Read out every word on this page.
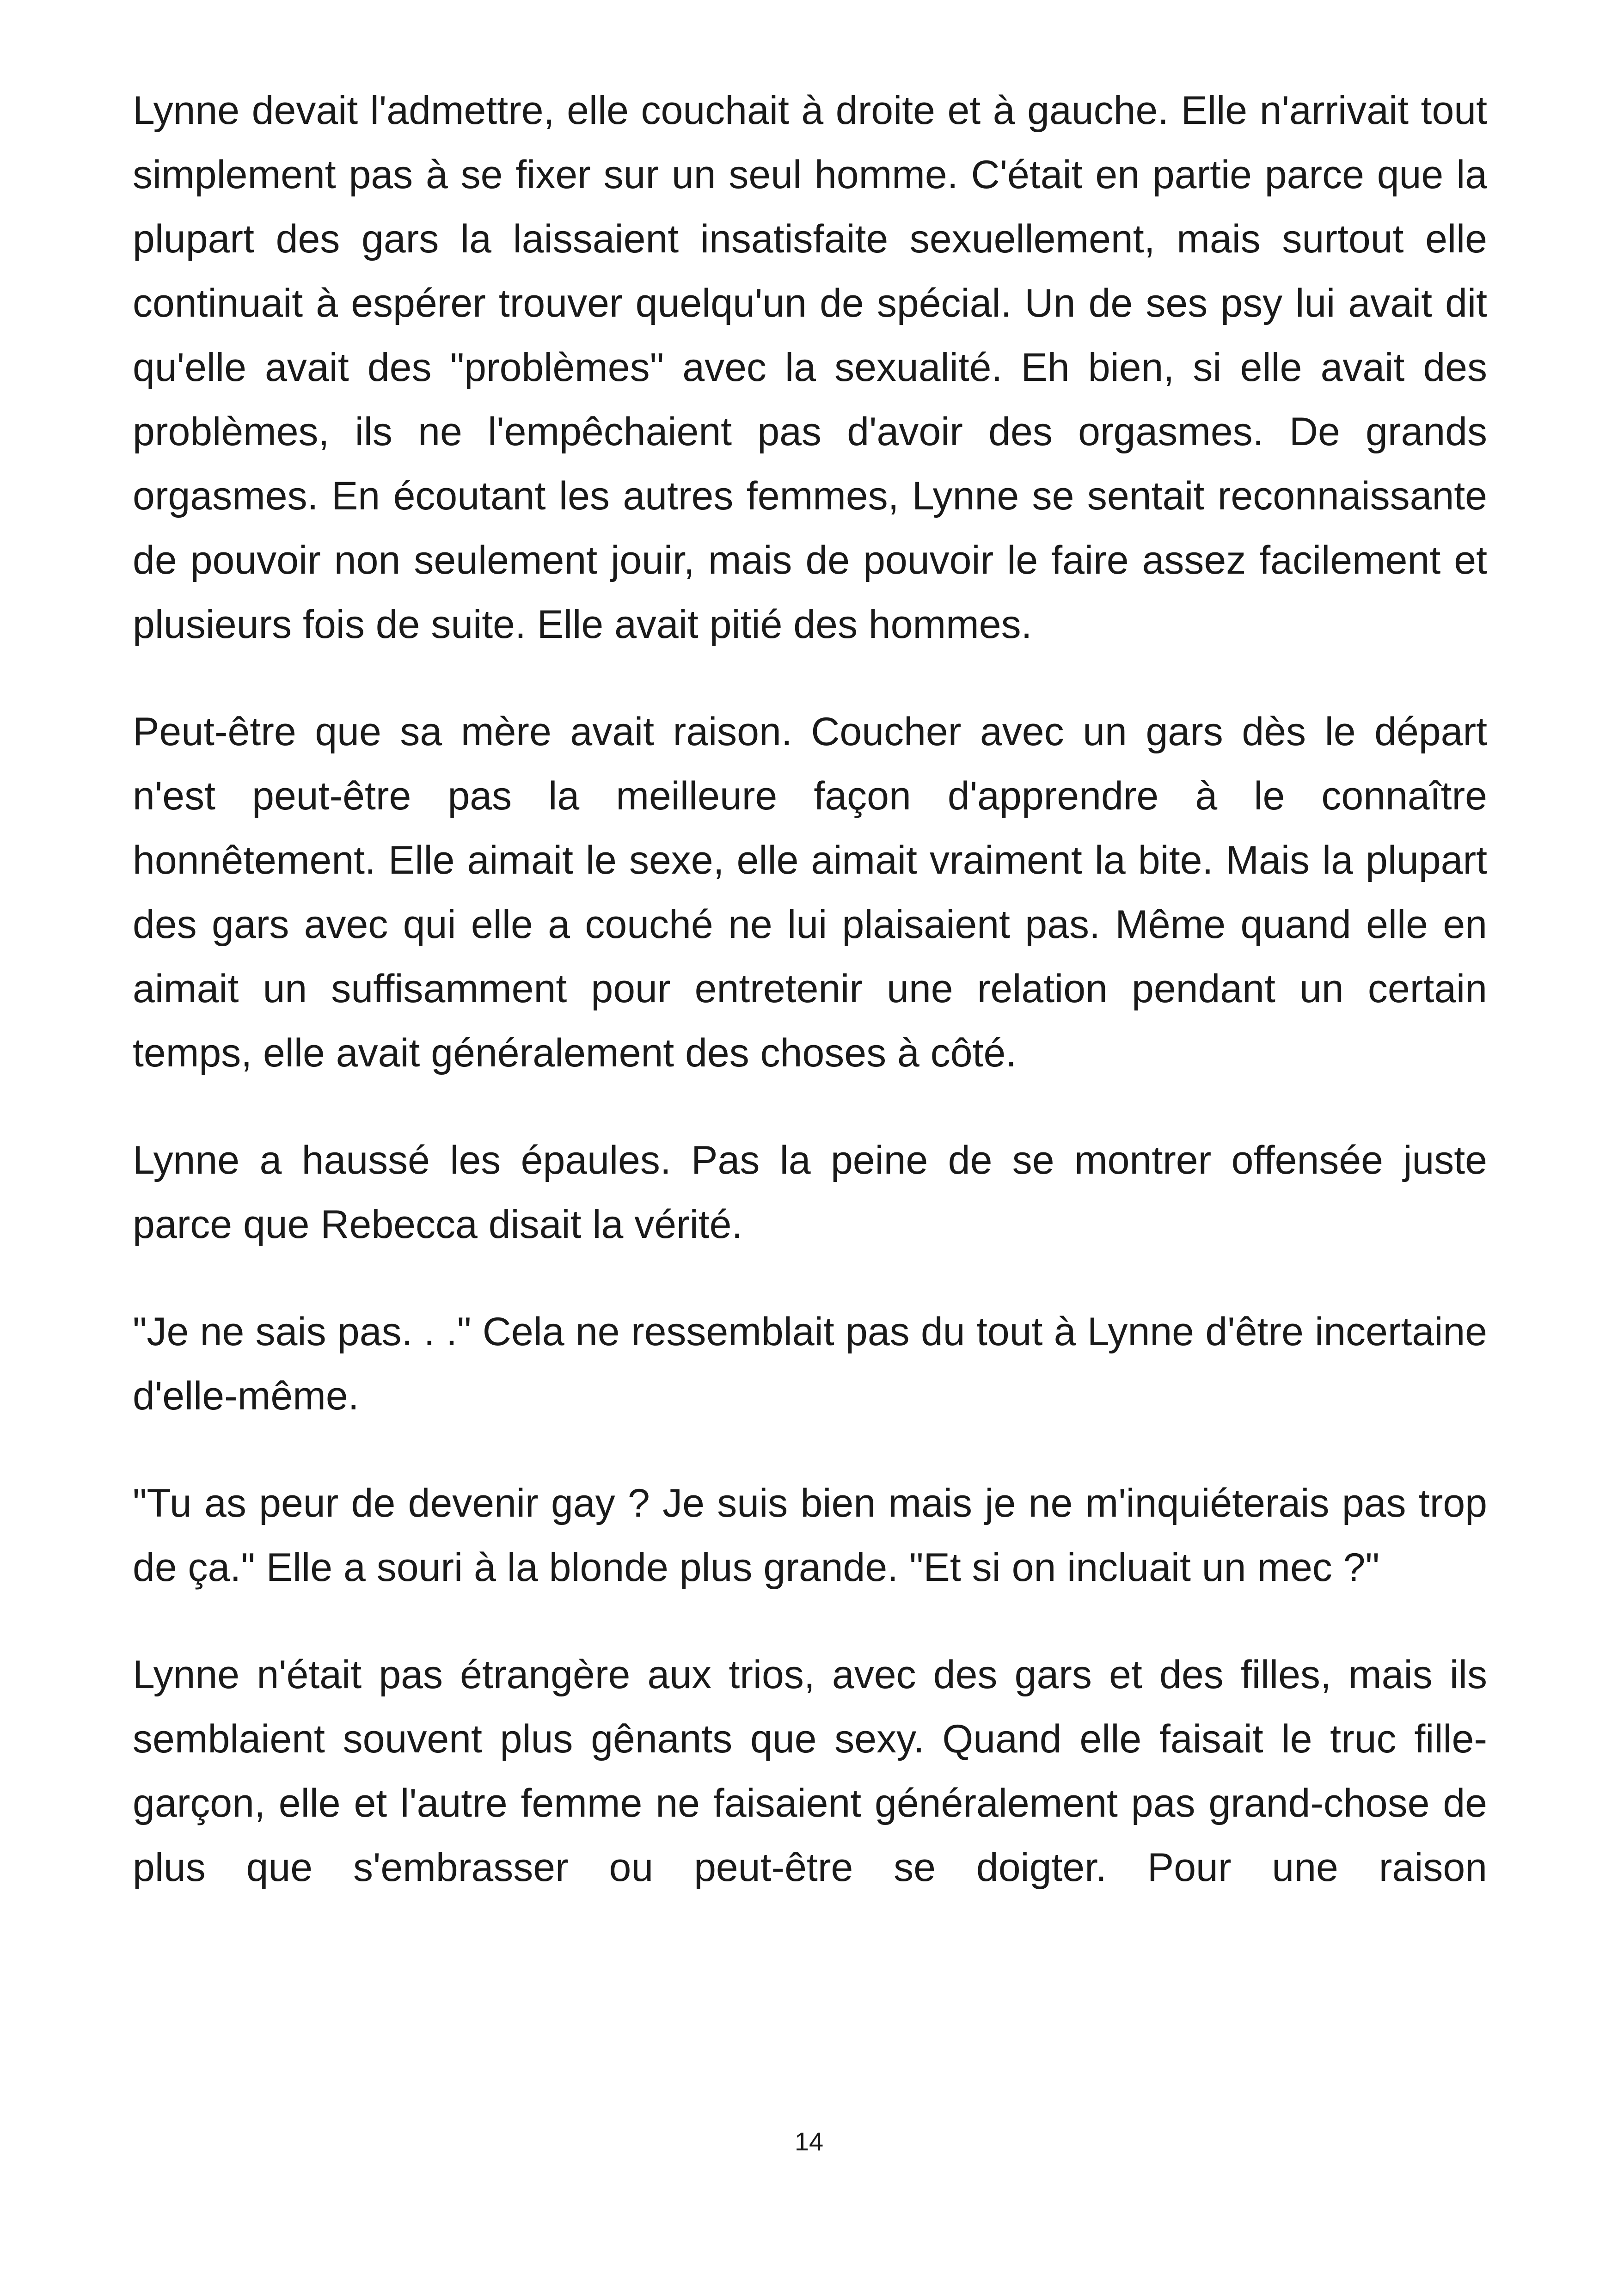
Lynne devait l'admettre, elle couchait à droite et à gauche. Elle n'arrivait tout simplement pas à se fixer sur un seul homme. C'était en partie parce que la plupart des gars la laissaient insatisfaite sexuellement, mais surtout elle continuait à espérer trouver quelqu'un de spécial. Un de ses psy lui avait dit qu'elle avait des "problèmes" avec la sexualité. Eh bien, si elle avait des problèmes, ils ne l'empêchaient pas d'avoir des orgasmes. De grands orgasmes. En écoutant les autres femmes, Lynne se sentait reconnaissante de pouvoir non seulement jouir, mais de pouvoir le faire assez facilement et plusieurs fois de suite. Elle avait pitié des hommes.

Peut-être que sa mère avait raison. Coucher avec un gars dès le départ n'est peut-être pas la meilleure façon d'apprendre à le connaître honnêtement. Elle aimait le sexe, elle aimait vraiment la bite. Mais la plupart des gars avec qui elle a couché ne lui plaisaient pas. Même quand elle en aimait un suffisamment pour entretenir une relation pendant un certain temps, elle avait généralement des choses à côté.

Lynne a haussé les épaules. Pas la peine de se montrer offensée juste parce que Rebecca disait la vérité.

"Je ne sais pas. . ." Cela ne ressemblait pas du tout à Lynne d'être incertaine d'elle-même.

"Tu as peur de devenir gay ? Je suis bien mais je ne m'inquiéterais pas trop de ça." Elle a souri à la blonde plus grande. "Et si on incluait un mec ?"

Lynne n'était pas étrangère aux trios, avec des gars et des filles, mais ils semblaient souvent plus gênants que sexy. Quand elle faisait le truc fille-garçon, elle et l'autre femme ne faisaient généralement pas grand-chose de plus que s'embrasser ou peut-être se doigter. Pour une raison

14
